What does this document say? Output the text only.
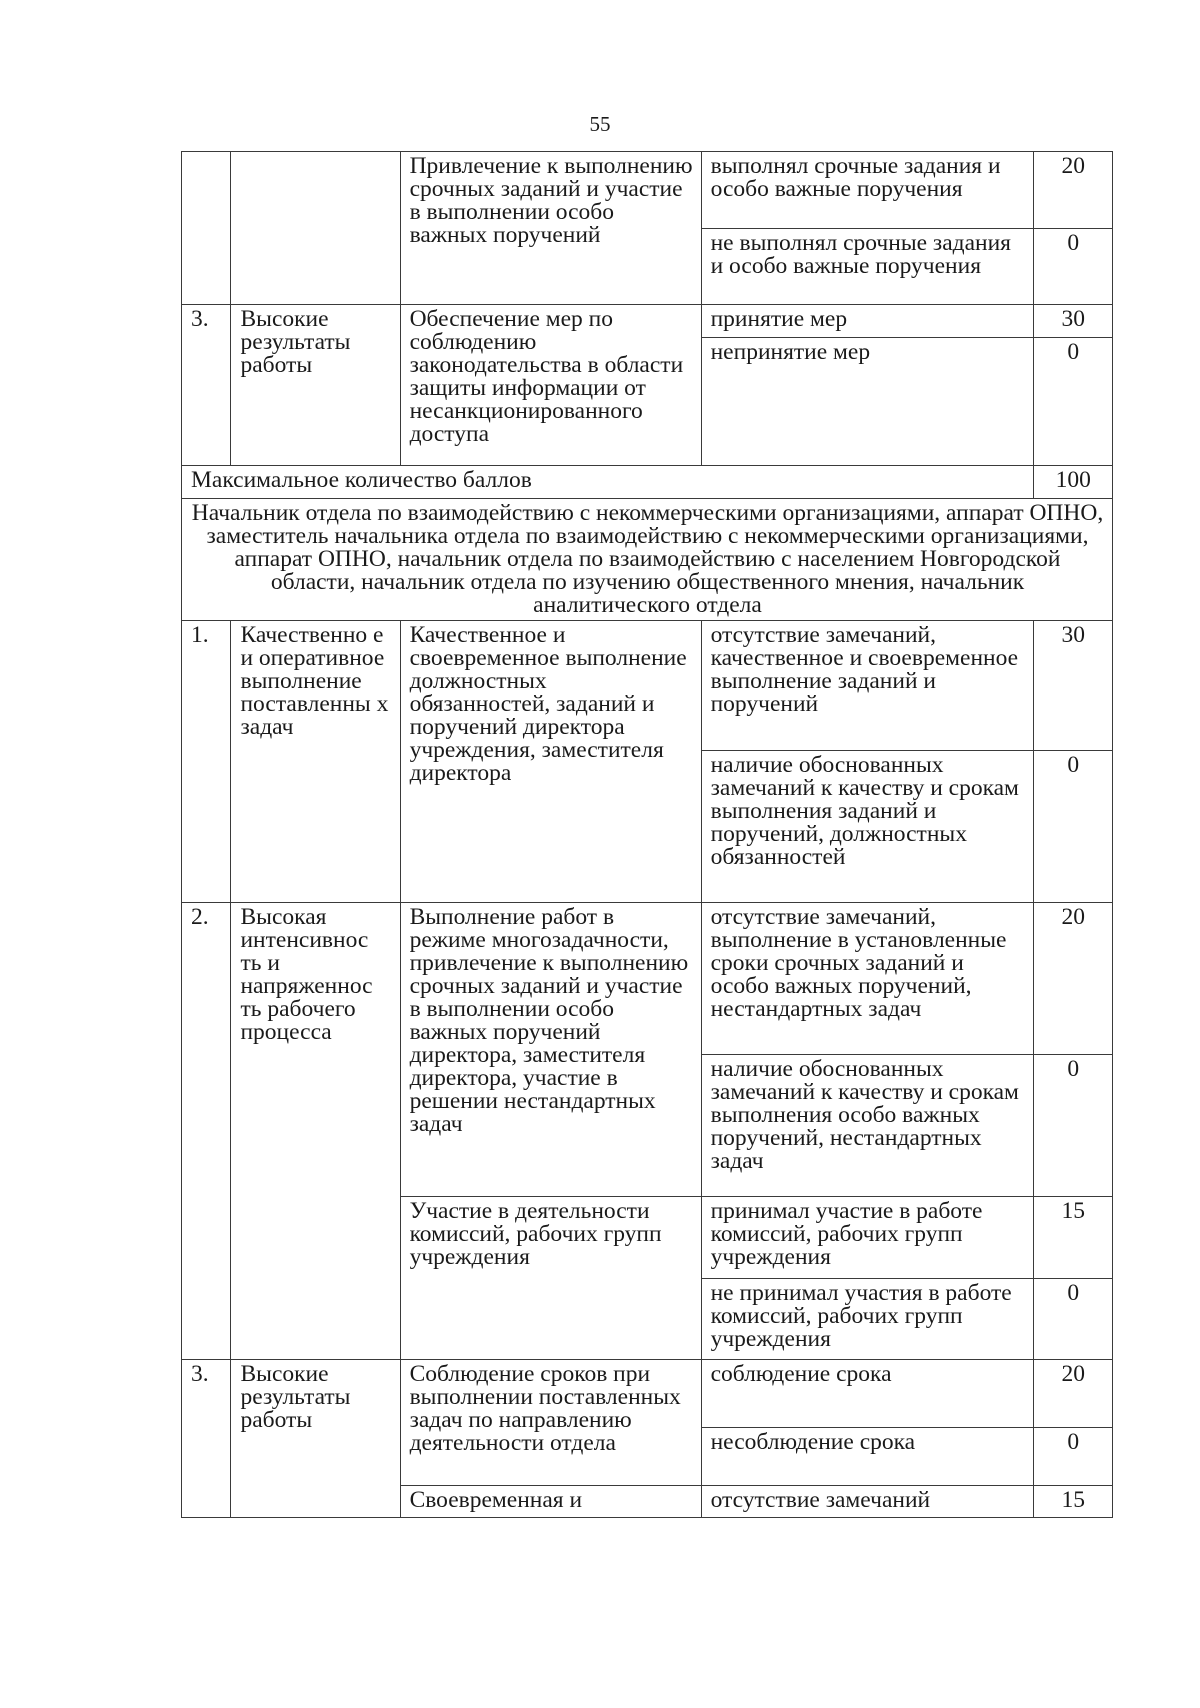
55
		Привлечение к выполнению срочных заданий и участие в выполнении особо важных поручений	выполнял срочные задания и особо важные поручения	20
			не выполнял срочные задания и особо важные поручения	0
3.	Высокие результаты работы	Обеспечение мер по соблюдению законодательства в области защиты информации от несанкционированного доступа	принятие мер	30
			непринятие мер	0
Максимальное количество баллов				100
Начальник отдела по взаимодействию с некоммерческими организациями, аппарат ОПНО, заместитель начальника отдела по взаимодействию с некоммерческими организациями, аппарат ОПНО, начальник отдела по взаимодействию с населением Новгородской области, начальник отдела по изучению общественного мнения, начальник аналитического отдела				
1.	Качественно е и оперативное выполнение поставленны х задач	Качественное и своевременное выполнение должностных обязанностей, заданий и поручений директора учреждения, заместителя директора	отсутствие замечаний, качественное и своевременное выполнение заданий и поручений	30
			наличие обоснованных замечаний к качеству и срокам выполнения заданий и поручений, должностных обязанностей	0
2.	Высокая интенсивнос ть и напряженнос ть рабочего процесса	Выполнение работ в режиме многозадачности, привлечение к выполнению срочных заданий и участие в выполнении особо важных поручений директора, заместителя директора, участие в решении нестандартных задач	отсутствие замечаний, выполнение в установленные сроки срочных заданий и особо важных поручений, нестандартных задач	20
			наличие обоснованных замечаний к качеству и срокам выполнения особо важных поручений, нестандартных задач	0
		Участие в деятельности комиссий, рабочих групп учреждения	принимал участие в работе комиссий, рабочих групп учреждения	15
			не принимал участия в работе комиссий, рабочих групп учреждения	0
3.	Высокие результаты работы	Соблюдение сроков при выполнении поставленных задач по направлению деятельности отдела	соблюдение срока	20
			несоблюдение срока	0
		Своевременная и	отсутствие замечаний	15
